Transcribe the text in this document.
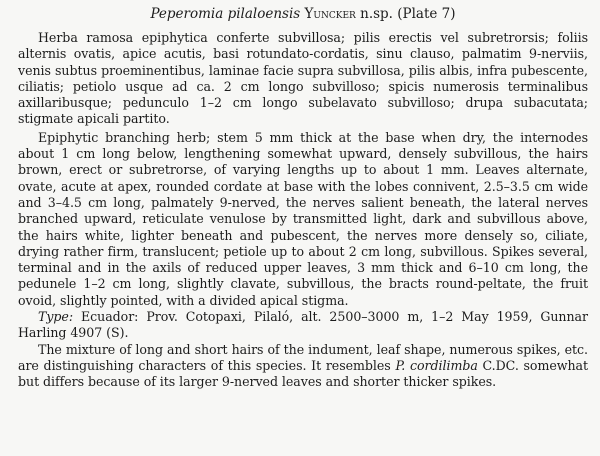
Peperomia pilaloensis Yuncker n.sp. (Plate 7)

Herba ramosa epiphytica conferte subvillosa; pilis erectis vel subretrorsis; foliis alternis ovatis, apice acutis, basi rotundato-cordatis, sinu clauso, palmatim 9-nerviis, venis subtus proeminentibus, laminae facie supra subvillosa, pilis albis, infra pubescente, ciliatis; petiolo usque ad ca. 2 cm longo subvilloso; spicis numerosis terminalibus axillaribusque; pedunculo 1–2 cm longo subelavato subvilloso; drupa subacutata; stigmate apicali partito.

Epiphytic branching herb; stem 5 mm thick at the base when dry, the internodes about 1 cm long below, lengthening somewhat upward, densely subvillous, the hairs brown, erect or subretrorse, of varying lengths up to about 1 mm. Leaves alternate, ovate, acute at apex, rounded cordate at base with the lobes connivent, 2.5–3.5 cm wide and 3–4.5 cm long, palmately 9-nerved, the nerves salient beneath, the lateral nerves branched upward, reticulate venulose by transmitted light, dark and subvillous above, the hairs white, lighter beneath and pubescent, the nerves more densely so, ciliate, drying rather firm, translucent; petiole up to about 2 cm long, subvillous. Spikes several, terminal and in the axils of reduced upper leaves, 3 mm thick and 6–10 cm long, the pedunele 1–2 cm long, slightly clavate, subvillous, the bracts round-peltate, the fruit ovoid, slightly pointed, with a divided apical stigma.

Type: Ecuador: Prov. Cotopaxi, Pilaló, alt. 2500–3000 m, 1–2 May 1959, Gunnar Harling 4907 (S).

The mixture of long and short hairs of the indument, leaf shape, numerous spikes, etc. are distinguishing characters of this species. It resembles P. cordilimba C.DC. somewhat but differs because of its larger 9-nerved leaves and shorter thicker spikes.
